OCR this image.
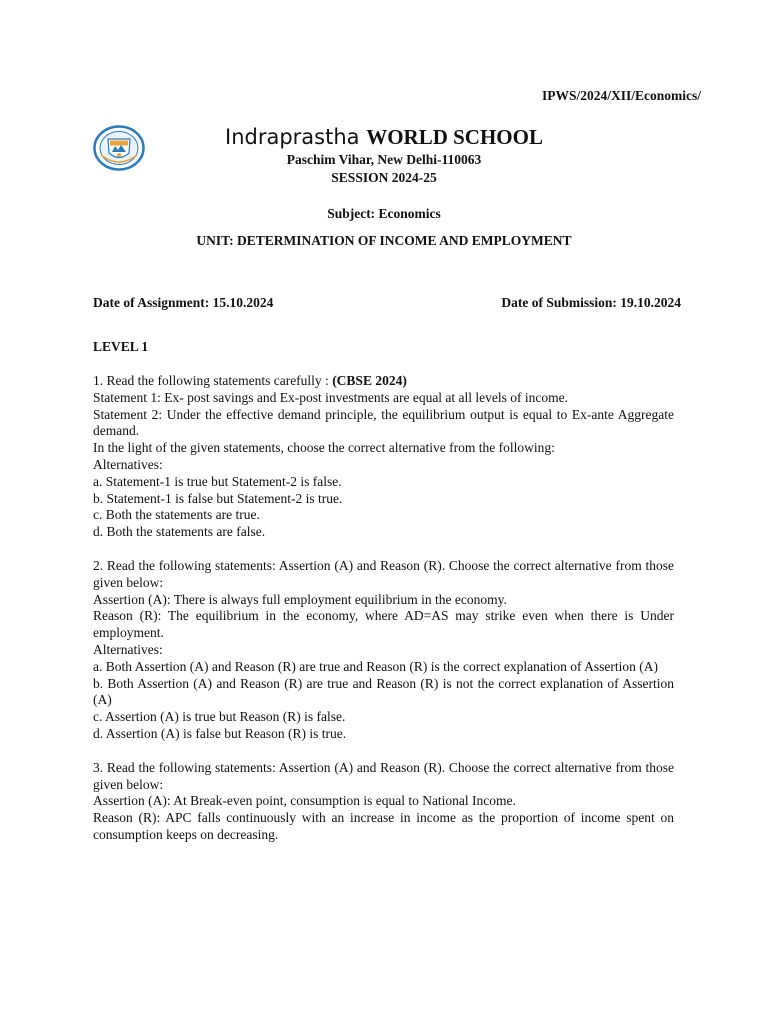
IPWS/2024/XII/Economics/
Indraprastha WORLD SCHOOL
Paschim Vihar, New Delhi-110063
SESSION 2024-25
Subject: Economics
UNIT: DETERMINATION OF INCOME AND EMPLOYMENT
Date of Assignment: 15.10.2024	Date of Submission: 19.10.2024
LEVEL 1

1. Read the following statements carefully : (CBSE 2024)

Statement 1: Ex- post savings and Ex-post investments are equal at all levels of income.

Statement 2: Under the effective demand principle, the equilibrium output is equal to Ex-ante Aggregate demand.

In the light of the given statements, choose the correct alternative from the following:

Alternatives:

a. Statement-1 is true but Statement-2 is false.

b. Statement-1 is false but Statement-2 is true.

c. Both the statements are true.

d. Both the statements are false.

2. Read the following statements: Assertion (A) and Reason (R). Choose the correct alternative from those given below:

Assertion (A): There is always full employment equilibrium in the economy.

Reason (R): The equilibrium in the economy, where AD=AS may strike even when there is Under employment.

Alternatives:

a. Both Assertion (A) and Reason (R) are true and Reason (R) is the correct explanation of Assertion (A)

b. Both Assertion (A) and Reason (R) are true and Reason (R) is not the correct explanation of Assertion (A)

c. Assertion (A) is true but Reason (R) is false.

d. Assertion (A) is false but Reason (R) is true.

3. Read the following statements: Assertion (A) and Reason (R). Choose the correct alternative from those given below:

Assertion (A): At Break-even point, consumption is equal to National Income.

Reason (R): APC falls continuously with an increase in income as the proportion of income spent on consumption keeps on decreasing.
